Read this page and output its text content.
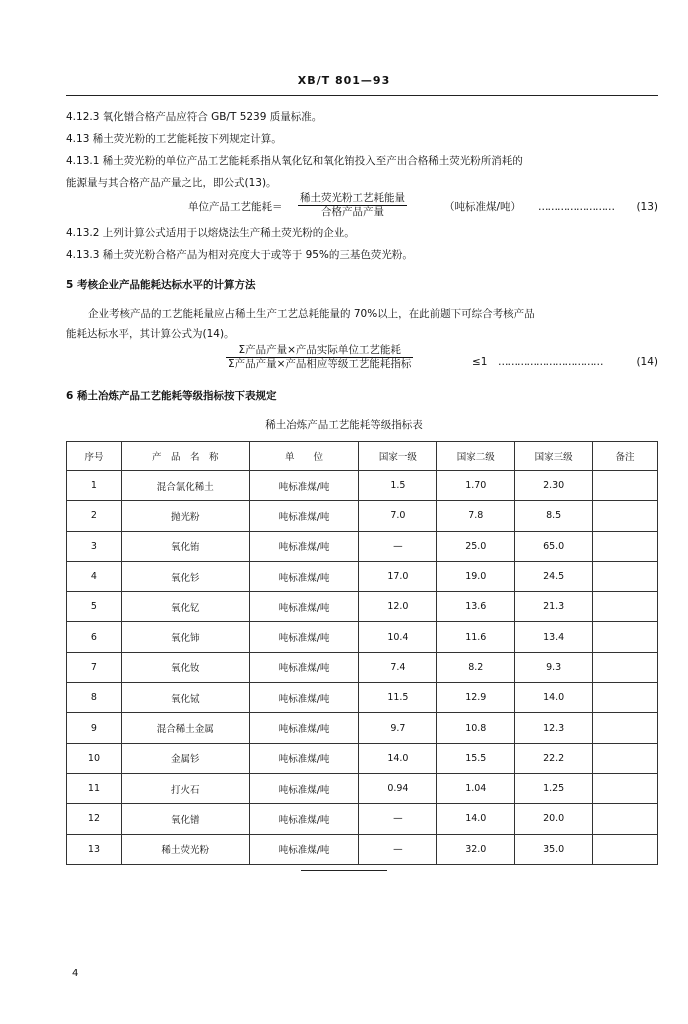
XB/T 801—93
4.12.3 氧化镨合格产品应符合 GB/T 5239 质量标准。
4.13 稀土荧光粉的工艺能耗按下列规定计算。
4.13.1 稀土荧光粉的单位产品工艺能耗系指从氧化钇和氧化铕投入至产出合格稀土荧光粉所消耗的
能源量与其合格产品产量之比，即公式(13)。
单位产品工艺能耗＝
稀土荧光粉工艺耗能量
合格产品产量	（吨标准煤/吨） …………………… (13)
4.13.2 上列计算公式适用于以熔烧法生产稀土荧光粉的企业。
4.13.3 稀土荧光粉合格产品为相对亮度大于或等于 95%的三基色荧光粉。
5 考核企业产品能耗达标水平的计算方法
企业考核产品的工艺能耗量应占稀土生产工艺总耗能量的 70%以上，在此前题下可综合考核产品
能耗达标水平，其计算公式为(14)。
Σ产品产量×产品实际单位工艺能耗
Σ产品产量×产品相应等级工艺能耗指标	≤1 ……………………………	(14)
6 稀土冶炼产品工艺能耗等级指标按下表规定
稀土冶炼产品工艺能耗等级指标表
序号	产　品　名　称	单　　位	国家一级	国家二级	国家三级	备注
1	混合氯化稀土	吨标准煤/吨	1.5	1.70	2.30	
2	抛光粉	吨标准煤/吨	7.0	7.8	8.5	
3	氧化铕	吨标准煤/吨	—	25.0	65.0	
4	氧化钐	吨标准煤/吨	17.0	19.0	24.5	
5	氧化钇	吨标准煤/吨	12.0	13.6	21.3	
6	氧化铈	吨标准煤/吨	10.4	11.6	13.4	
7	氧化钕	吨标准煤/吨	7.4	8.2	9.3	
8	氧化铽	吨标准煤/吨	11.5	12.9	14.0	
9	混合稀土金属	吨标准煤/吨	9.7	10.8	12.3	
10	金属钐	吨标准煤/吨	14.0	15.5	22.2	
11	打火石	吨标准煤/吨	0.94	1.04	1.25	
12	氧化镨	吨标准煤/吨	—	14.0	20.0	
13	稀土荧光粉	吨标准煤/吨	—	32.0	35.0	
4
